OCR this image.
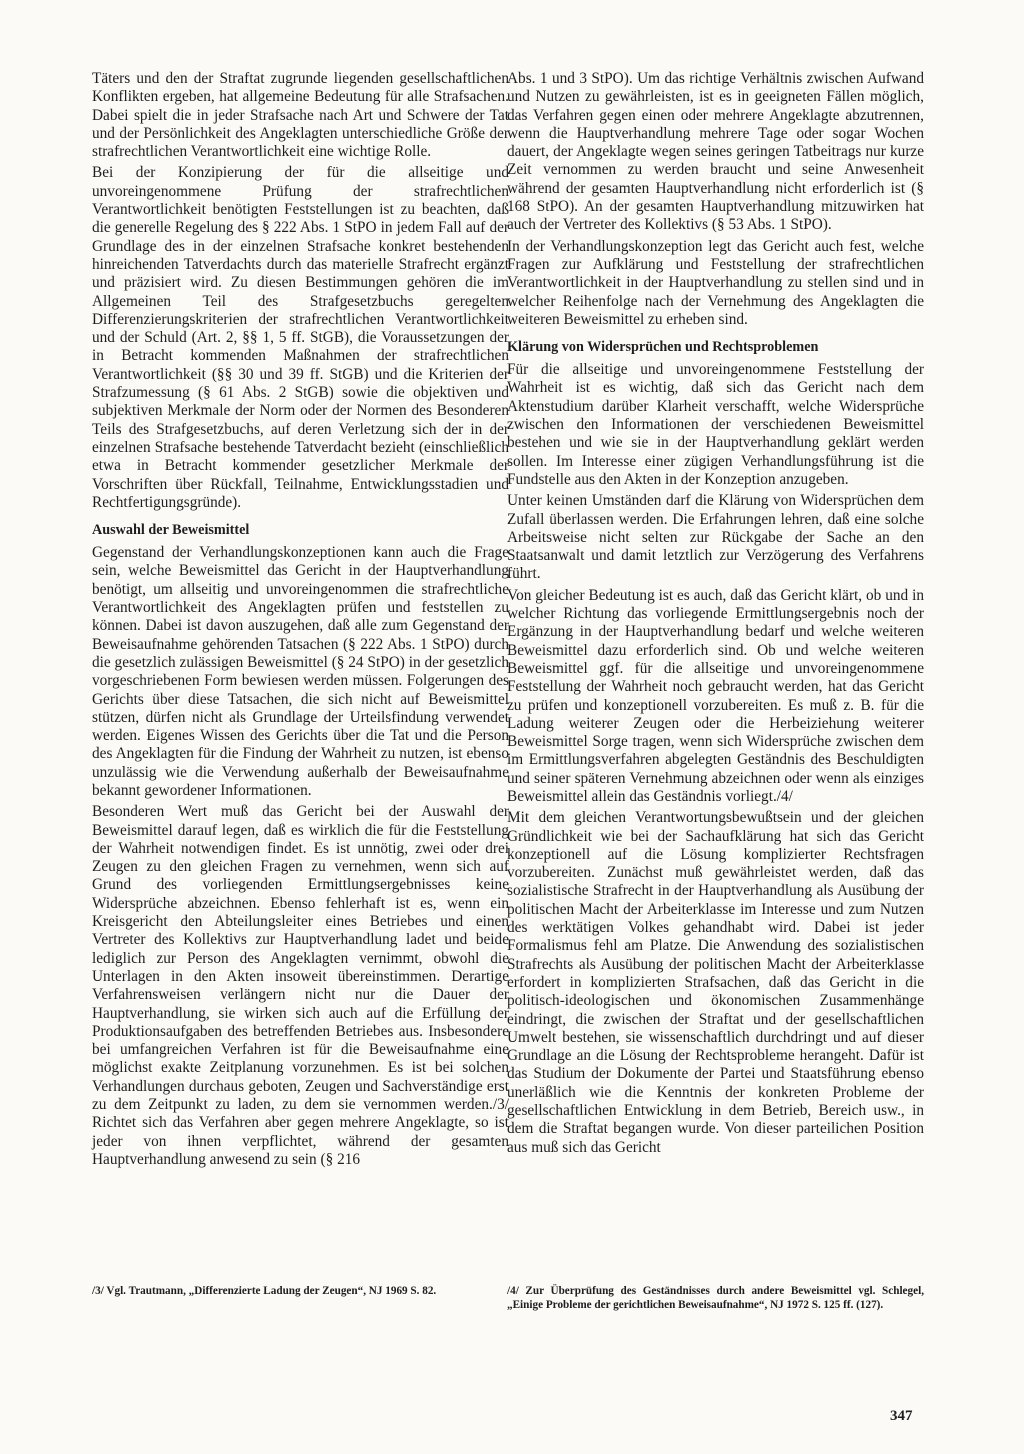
Täters und den der Straftat zugrunde liegenden gesellschaftlichen Konflikten ergeben, hat allgemeine Bedeutung für alle Strafsachen. Dabei spielt die in jeder Strafsache nach Art und Schwere der Tat und der Persönlichkeit des Angeklagten unterschiedliche Größe der strafrechtlichen Verantwortlichkeit eine wichtige Rolle.

Bei der Konzipierung der für die allseitige und unvoreingenommene Prüfung der strafrechtlichen Verantwortlichkeit benötigten Feststellungen ist zu beachten, daß die generelle Regelung des § 222 Abs. 1 StPO in jedem Fall auf der Grundlage des in der einzelnen Strafsache konkret bestehenden hinreichenden Tatverdachts durch das materielle Strafrecht ergänzt und präzisiert wird. Zu diesen Bestimmungen gehören die im Allgemeinen Teil des Strafgesetzbuchs geregelten Differenzierungskriterien der strafrechtlichen Verantwortlichkeit und der Schuld (Art. 2, §§ 1, 5 ff. StGB), die Voraussetzungen der in Betracht kommenden Maßnahmen der strafrechtlichen Verantwortlichkeit (§§ 30 und 39 ff. StGB) und die Kriterien der Strafzumessung (§ 61 Abs. 2 StGB) sowie die objektiven und subjektiven Merkmale der Norm oder der Normen des Besonderen Teils des Strafgesetzbuchs, auf deren Verletzung sich der in der einzelnen Strafsache bestehende Tatverdacht bezieht (einschließlich etwa in Betracht kommender gesetzlicher Merkmale der Vorschriften über Rückfall, Teilnahme, Entwicklungsstadien und Rechtfertigungsgründe).

Auswahl der Beweismittel

Gegenstand der Verhandlungskonzeptionen kann auch die Frage sein, welche Beweismittel das Gericht in der Hauptverhandlung benötigt, um allseitig und unvoreingenommen die strafrechtliche Verantwortlichkeit des Angeklagten prüfen und feststellen zu können. Dabei ist davon auszugehen, daß alle zum Gegenstand der Beweisaufnahme gehörenden Tatsachen (§ 222 Abs. 1 StPO) durch die gesetzlich zulässigen Beweismittel (§ 24 StPO) in der gesetzlich vorgeschriebenen Form bewiesen werden müssen. Folgerungen des Gerichts über diese Tatsachen, die sich nicht auf Beweismittel stützen, dürfen nicht als Grundlage der Urteilsfindung verwendet werden. Eigenes Wissen des Gerichts über die Tat und die Person des Angeklagten für die Findung der Wahrheit zu nutzen, ist ebenso unzulässig wie die Verwendung außerhalb der Beweisaufnahme bekannt gewordener Informationen.

Besonderen Wert muß das Gericht bei der Auswahl der Beweismittel darauf legen, daß es wirklich die für die Feststellung der Wahrheit notwendigen findet. Es ist unnötig, zwei oder drei Zeugen zu den gleichen Fragen zu vernehmen, wenn sich auf Grund des vorliegenden Ermittlungsergebnisses keine Widersprüche abzeichnen. Ebenso fehlerhaft ist es, wenn ein Kreisgericht den Abteilungsleiter eines Betriebes und einen Vertreter des Kollektivs zur Hauptverhandlung ladet und beide lediglich zur Person des Angeklagten vernimmt, obwohl die Unterlagen in den Akten insoweit übereinstimmen. Derartige Verfahrensweisen verlängern nicht nur die Dauer der Hauptverhandlung, sie wirken sich auch auf die Erfüllung der Produktionsaufgaben des betreffenden Betriebes aus. Insbesondere bei umfangreichen Verfahren ist für die Beweisaufnahme eine möglichst exakte Zeitplanung vorzunehmen. Es ist bei solchen Verhandlungen durchaus geboten, Zeugen und Sachverständige erst zu dem Zeitpunkt zu laden, zu dem sie vernommen werden./3/ Richtet sich das Verfahren aber gegen mehrere Angeklagte, so ist jeder von ihnen verpflichtet, während der gesamten Hauptverhandlung anwesend zu sein (§ 216

Abs. 1 und 3 StPO). Um das richtige Verhältnis zwischen Aufwand und Nutzen zu gewährleisten, ist es in geeigneten Fällen möglich, das Verfahren gegen einen oder mehrere Angeklagte abzutrennen, wenn die Hauptverhandlung mehrere Tage oder sogar Wochen dauert, der Angeklagte wegen seines geringen Tatbeitrags nur kurze Zeit vernommen zu werden braucht und seine Anwesenheit während der gesamten Hauptverhandlung nicht erforderlich ist (§ 168 StPO). An der gesamten Hauptverhandlung mitzuwirken hat auch der Vertreter des Kollektivs (§ 53 Abs. 1 StPO).

In der Verhandlungskonzeption legt das Gericht auch fest, welche Fragen zur Aufklärung und Feststellung der strafrechtlichen Verantwortlichkeit in der Hauptverhandlung zu stellen sind und in welcher Reihenfolge nach der Vernehmung des Angeklagten die weiteren Beweismittel zu erheben sind.

Klärung von Widersprüchen und Rechtsproblemen

Für die allseitige und unvoreingenommene Feststellung der Wahrheit ist es wichtig, daß sich das Gericht nach dem Aktenstudium darüber Klarheit verschafft, welche Widersprüche zwischen den Informationen der verschiedenen Beweismittel bestehen und wie sie in der Hauptverhandlung geklärt werden sollen. Im Interesse einer zügigen Verhandlungsführung ist die Fundstelle aus den Akten in der Konzeption anzugeben.

Unter keinen Umständen darf die Klärung von Widersprüchen dem Zufall überlassen werden. Die Erfahrungen lehren, daß eine solche Arbeitsweise nicht selten zur Rückgabe der Sache an den Staatsanwalt und damit letztlich zur Verzögerung des Verfahrens führt.

Von gleicher Bedeutung ist es auch, daß das Gericht klärt, ob und in welcher Richtung das vorliegende Ermittlungsergebnis noch der Ergänzung in der Hauptverhandlung bedarf und welche weiteren Beweismittel dazu erforderlich sind. Ob und welche weiteren Beweismittel ggf. für die allseitige und unvoreingenommene Feststellung der Wahrheit noch gebraucht werden, hat das Gericht zu prüfen und konzeptionell vorzubereiten. Es muß z. B. für die Ladung weiterer Zeugen oder die Herbeiziehung weiterer Beweismittel Sorge tragen, wenn sich Widersprüche zwischen dem im Ermittlungsverfahren abgelegten Geständnis des Beschuldigten und seiner späteren Vernehmung abzeichnen oder wenn als einziges Beweismittel allein das Geständnis vorliegt./4/

Mit dem gleichen Verantwortungsbewußtsein und der gleichen Gründlichkeit wie bei der Sachaufklärung hat sich das Gericht konzeptionell auf die Lösung komplizierter Rechtsfragen vorzubereiten. Zunächst muß gewährleistet werden, daß das sozialistische Strafrecht in der Hauptverhandlung als Ausübung der politischen Macht der Arbeiterklasse im Interesse und zum Nutzen des werktätigen Volkes gehandhabt wird. Dabei ist jeder Formalismus fehl am Platze. Die Anwendung des sozialistischen Strafrechts als Ausübung der politischen Macht der Arbeiterklasse erfordert in komplizierten Strafsachen, daß das Gericht in die politisch-ideologischen und ökonomischen Zusammenhänge eindringt, die zwischen der Straftat und der gesellschaftlichen Umwelt bestehen, sie wissenschaftlich durchdringt und auf dieser Grundlage an die Lösung der Rechtsprobleme herangeht. Dafür ist das Studium der Dokumente der Partei und Staatsführung ebenso unerläßlich wie die Kenntnis der konkreten Probleme der gesellschaftlichen Entwicklung in dem Betrieb, Bereich usw., in dem die Straftat begangen wurde. Von dieser parteilichen Position aus muß sich das Gericht

/3/ Vgl. Trautmann, „Differenzierte Ladung der Zeugen“, NJ 1969 S. 82.	/4/ Zur Überprüfung des Geständnisses durch andere Beweismittel vgl. Schlegel, „Einige Probleme der gerichtlichen Beweisaufnahme“, NJ 1972 S. 125 ff. (127).
347
